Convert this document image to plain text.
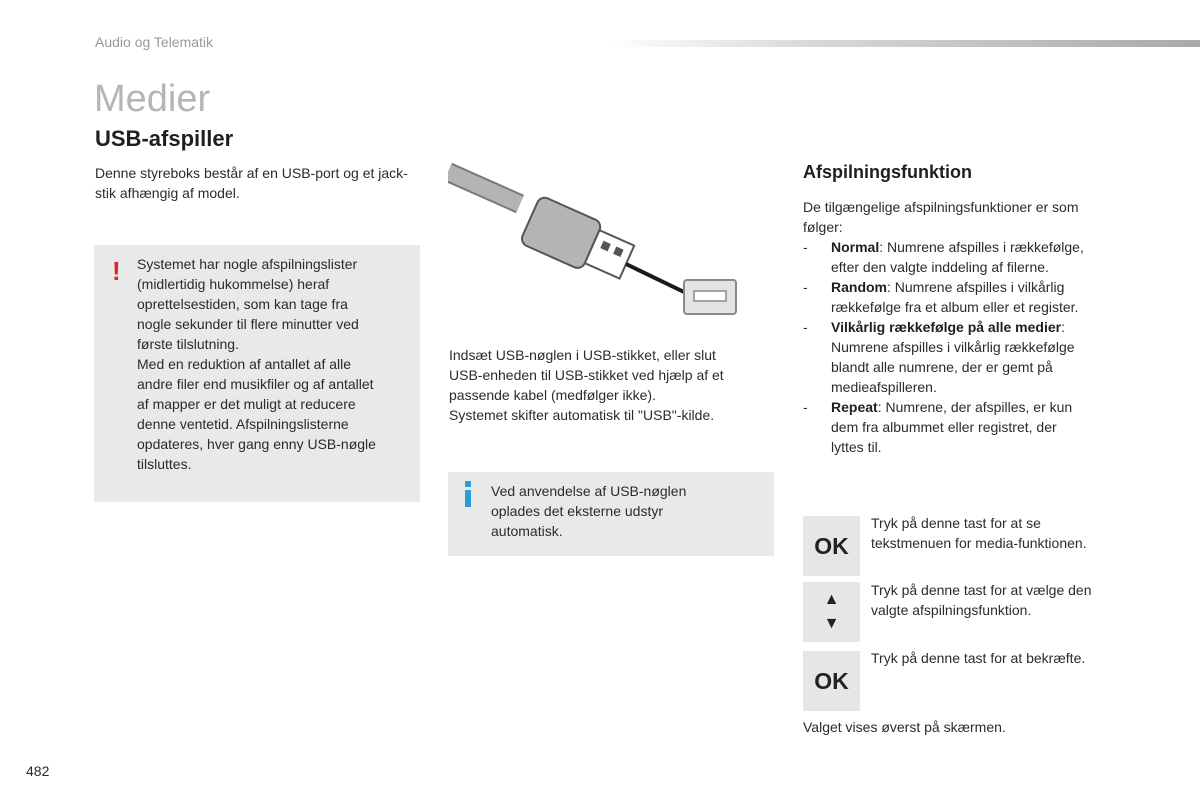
Audio og Telematik
Medier
USB-afspiller
Denne styreboks består af en USB-port og et jack-stik afhængig af model.
! Systemet har nogle afspilningslister
(midlertidig hukommelse) heraf
oprettelsestiden, som kan tage fra
nogle sekunder til flere minutter ved
første tilslutning.
Med en reduktion af antallet af alle
andre filer end musikfiler og af antallet
af mapper er det muligt at reducere
denne ventetid. Afspilningslisterne
opdateres, hver gang enny USB-nøgle
tilsluttes.
Indsæt USB-nøglen i USB-stikket, eller slut
USB-enheden til USB-stikket ved hjælp af et
passende kabel (medfølger ikke).
Systemet skifter automatisk til "USB"-kilde.
Ved anvendelse af USB-nøglen
oplades det eksterne udstyr
automatisk.
Afspilningsfunktion
De tilgængelige afspilningsfunktioner er som
følger:
- Normal: Numrene afspilles i rækkefølge,
efter den valgte inddeling af filerne.
- Random: Numrene afspilles i vilkårlig
rækkefølge fra et album eller et register.
- Vilkårlig rækkefølge på alle medier:
Numrene afspilles i vilkårlig rækkefølge
blandt alle numrene, der er gemt på
medieafspilleren.
- Repeat: Numrene, der afspilles, er kun
dem fra albummet eller registret, der
lyttes til.
OK
Tryk på denne tast for at se
tekstmenuen for media-funktionen.
▲
▼
Tryk på denne tast for at vælge den
valgte afspilningsfunktion.
OK
Tryk på denne tast for at bekræfte.
Valget vises øverst på skærmen.
482
